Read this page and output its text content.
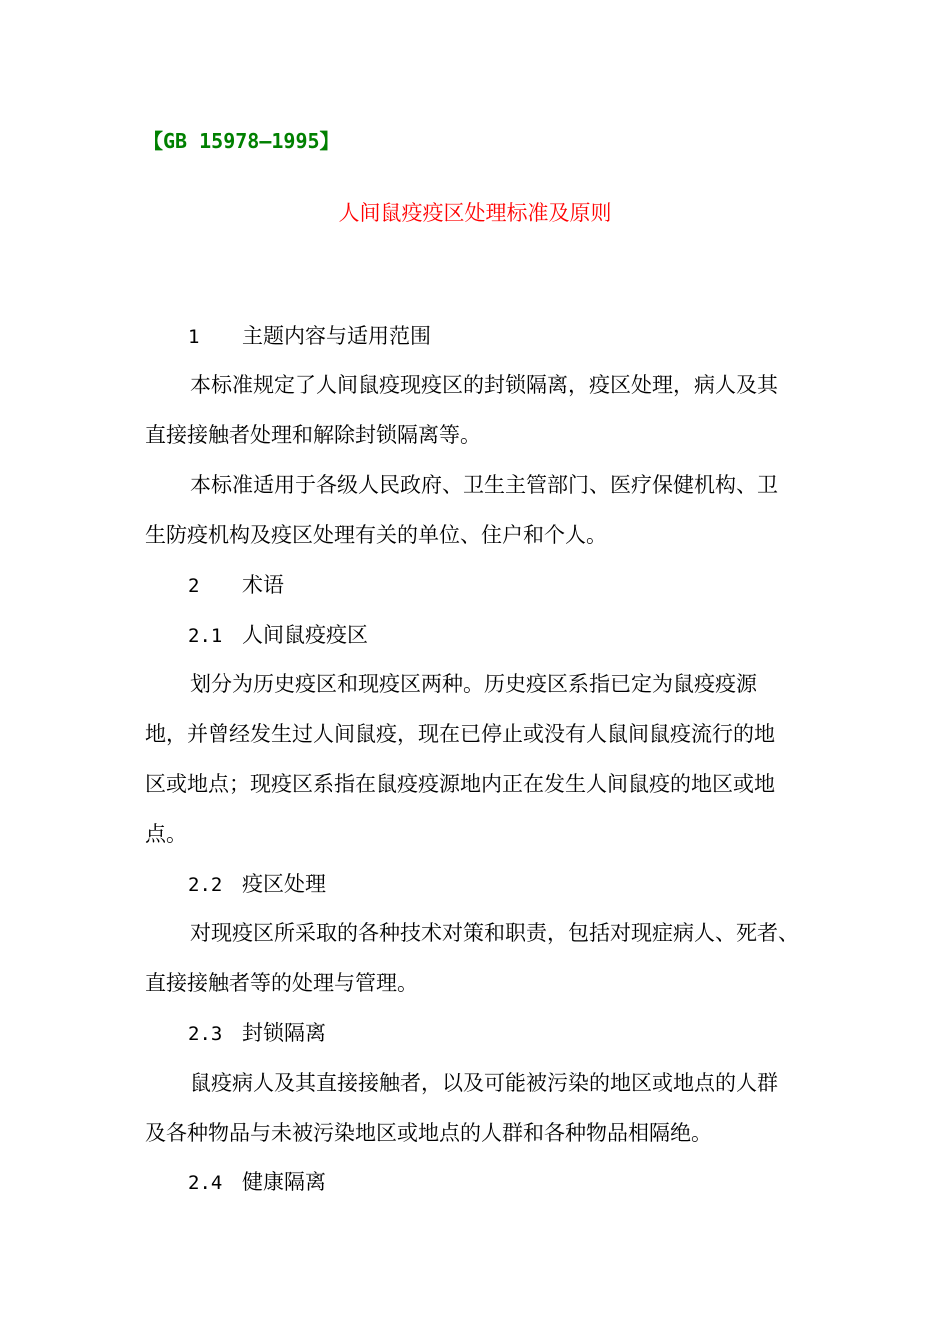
【GB 15978—1995】
人间鼠疫疫区处理标准及原则
1 主题内容与适用范围
本标准规定了人间鼠疫现疫区的封锁隔离，疫区处理，病人及其
直接接触者处理和解除封锁隔离等。
本标准适用于各级人民政府、卫生主管部门、医疗保健机构、卫
生防疫机构及疫区处理有关的单位、住户和个人。
2 术语
2.1 人间鼠疫疫区
划分为历史疫区和现疫区两种。历史疫区系指已定为鼠疫疫源
地，并曾经发生过人间鼠疫，现在已停止或没有人鼠间鼠疫流行的地
区或地点；现疫区系指在鼠疫疫源地内正在发生人间鼠疫的地区或地
点。
2.2 疫区处理
对现疫区所采取的各种技术对策和职责，包括对现症病人、死者、
直接接触者等的处理与管理。
2.3 封锁隔离
鼠疫病人及其直接接触者，以及可能被污染的地区或地点的人群
及各种物品与未被污染地区或地点的人群和各种物品相隔绝。
2.4 健康隔离
